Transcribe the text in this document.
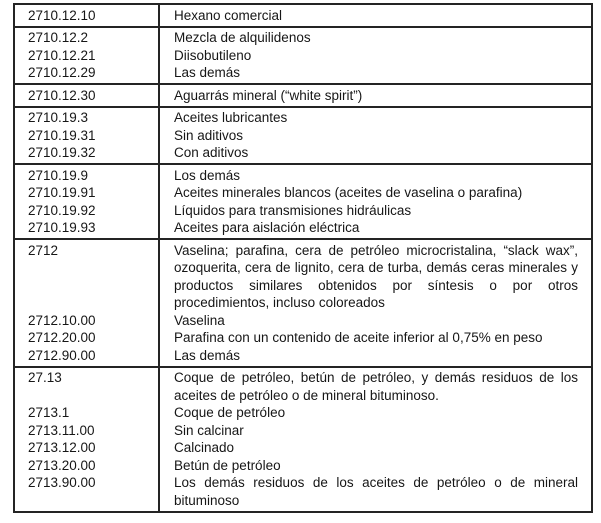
2710.12.10	Hexano comercial
2710.12.2	Mezcla de alquilidenos
2710.12.21	Diisobutileno
2710.12.29	Las demás
2710.12.30	Aguarrás mineral (“white spirit”)
2710.19.3	Aceites lubricantes
2710.19.31	Sin aditivos
2710.19.32	Con aditivos
2710.19.9	Los demás
2710.19.91	Aceites minerales blancos (aceites de vaselina o parafina)
2710.19.92	Líquidos para transmisiones hidráulicas
2710.19.93	Aceites para aislación eléctrica
2712	Vaselina; parafina, cera de petróleo microcristalina, “slack wax”, ozoquerita, cera de lignito, cera de turba, demás ceras minerales y productos similares obtenidos por síntesis o por otros procedimientos, incluso coloreados
2712.10.00	Vaselina
2712.20.00	Parafina con un contenido de aceite inferior al 0,75% en peso
2712.90.00	Las demás
27.13	Coque de petróleo, betún de petróleo, y demás residuos de los aceites de petróleo o de mineral bituminoso.
2713.1	Coque de petróleo
2713.11.00	Sin calcinar
2713.12.00	Calcinado
2713.20.00	Betún de petróleo
2713.90.00	Los demás residuos de los aceites de petróleo o de mineral bituminoso
